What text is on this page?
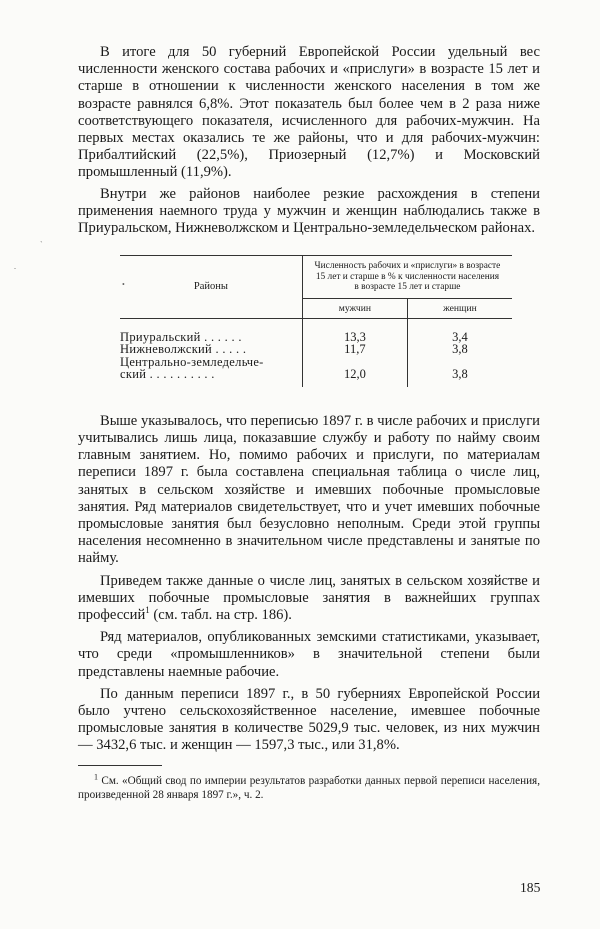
`
.
•

В итоге для 50 губерний Европейской России удельный вес численности женского состава рабочих и «прислуги» в возрасте 15 лет и старше в отношении к численности женского населения в том же возрасте равнялся 6,8%. Этот показатель был более чем в 2 раза ниже соответствующего показателя, исчисленного для рабочих-мужчин. На первых местах оказались те же районы, что и для рабочих-мужчин: Прибалтийский (22,5%), Приозерный (12,7%) и Московский промышленный (11,9%).

Внутри же районов наиболее резкие расхождения в степени применения наемного труда у мужчин и женщин наблюдались также в Приуральском, Нижневолжском и Центрально-земледельческом районах.

Районы	Численность рабочих и «прислуги» в возрасте 15 лет и старше в % к численности населения в возрасте 15 лет и старше	
	мужчин	женщин
Приуральский . . . . . .	13,3	3,4
Нижневолжский . . . . .	11,7	3,8
Центрально-земледельче-		
ский . . . . . . . . . .	12,0	3,8

Выше указывалось, что переписью 1897 г. в числе рабочих и прислуги учитывались лишь лица, показавшие службу и работу по найму своим главным занятием. Но, помимо рабочих и прислуги, по материалам переписи 1897 г. была составлена специальная таблица о числе лиц, занятых в сельском хозяйстве и имевших побочные промысловые занятия. Ряд материалов свидетельствует, что и учет имевших побочные промысловые занятия был безусловно неполным. Среди этой группы населения несомненно в значительном числе представлены и занятые по найму.

Приведем также данные о числе лиц, занятых в сельском хозяйстве и имевших побочные промысловые занятия в важнейших группах профессий$^1$ (см. табл. на стр. 186).

Ряд материалов, опубликованных земскими статистиками, указывает, что среди «промышленников» в значительной степени были представлены наемные рабочие.

По данным переписи 1897 г., в 50 губерниях Европейской России было учтено сельскохозяйственное население, имевшее побочные промысловые занятия в количестве 5029,9 тыс. человек, из них мужчин — 3432,6 тыс. и женщин — 1597,3 тыс., или 31,8%.

$^1$ См. «Общий свод по империи результатов разработки данных первой переписи населения, произведенной 28 января 1897 г.», ч. 2.
185
